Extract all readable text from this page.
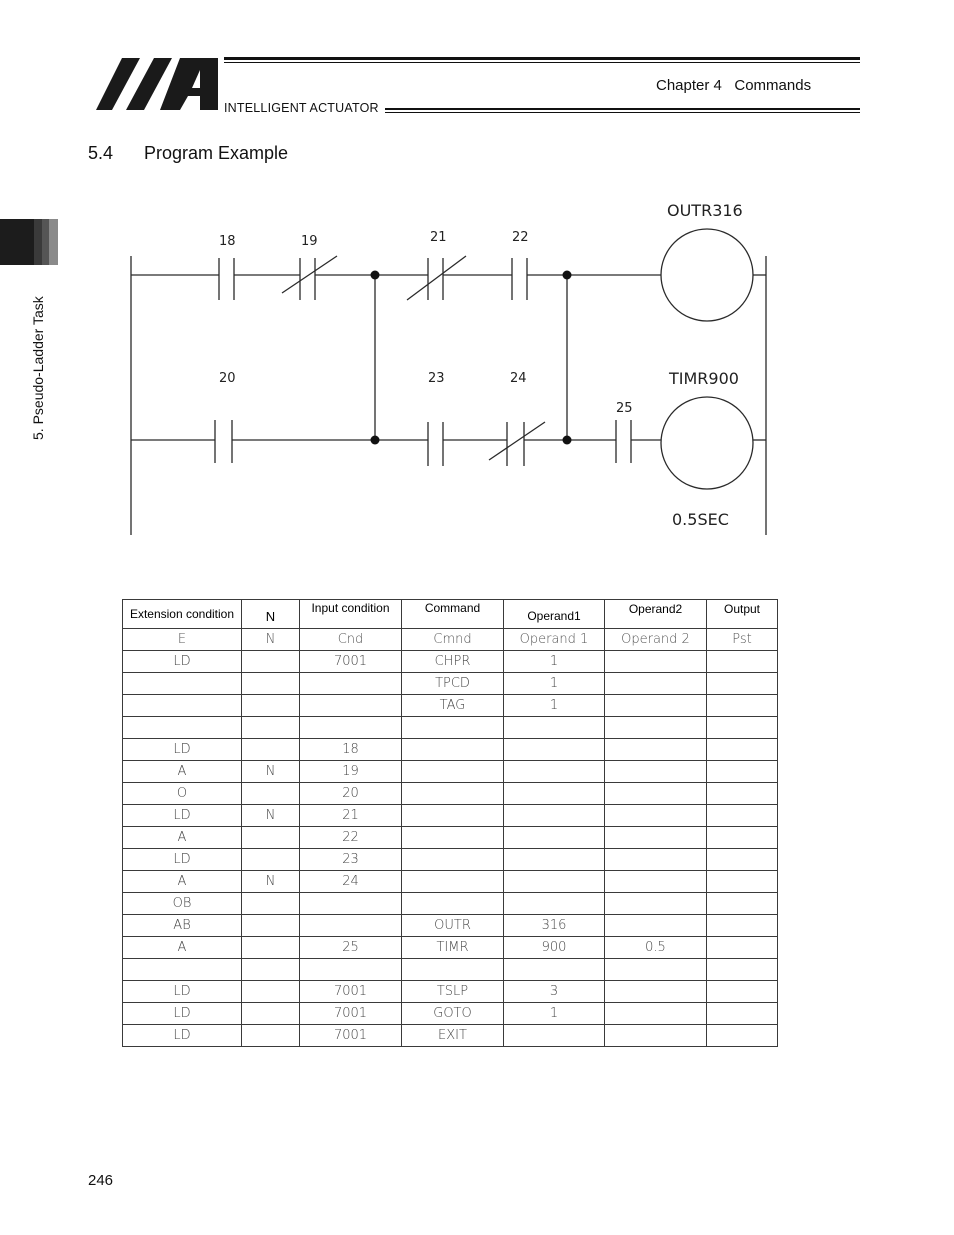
INTELLIGENT ACTUATOR
Chapter 4   Commands
5.4 Program Example
5. Pseudo-Ladder Task
18	19	21	22
20	23	24
25
OUTR316
TIMR900
0.5SEC
Extension condition	N	Input condition	Command	Operand1	Operand2	Output
E	N	Cnd	Cmnd	Operand 1	Operand 2	Pst
LD		7001	CHPR	1		
			TPCD	1		
			TAG	1		

LD		18				
A	N	19				
O		20				
LD	N	21				
A		22				
LD		23				
A	N	24				
OB						
AB			OUTR	316		
A		25	TIMR	900	0.5	

LD		7001	TSLP	3		
LD		7001	GOTO	1		
LD		7001	EXIT			
246
